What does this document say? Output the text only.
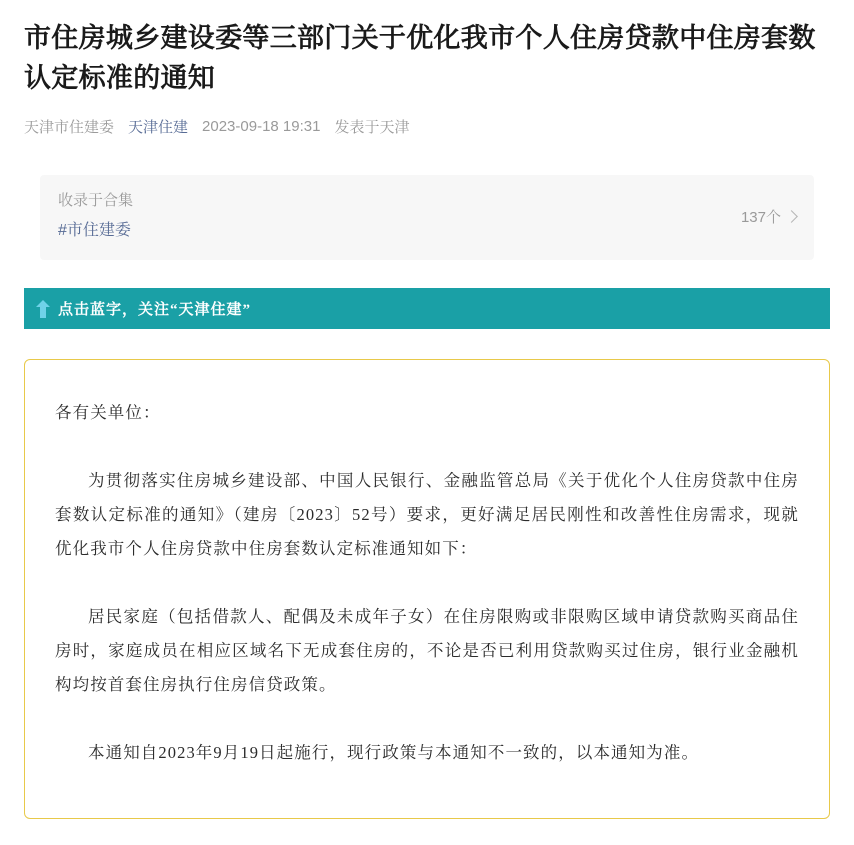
市住房城乡建设委等三部门关于优化我市个人住房贷款中住房套数认定标准的通知
天津市住建委 天津住建 2023-09-18 19:31 发表于天津
收录于合集
#市住建委
137个
点击蓝字，关注“天津住建”

各有关单位：

为贯彻落实住房城乡建设部、中国人民银行、金融监管总局《关于优化个人住房贷款中住房套数认定标准的通知》（建房〔2023〕52号）要求，更好满足居民刚性和改善性住房需求，现就优化我市个人住房贷款中住房套数认定标准通知如下：

居民家庭（包括借款人、配偶及未成年子女）在住房限购或非限购区域申请贷款购买商品住房时，家庭成员在相应区域名下无成套住房的，不论是否已利用贷款购买过住房，银行业金融机构均按首套住房执行住房信贷政策。

本通知自2023年9月19日起施行，现行政策与本通知不一致的，以本通知为准。
